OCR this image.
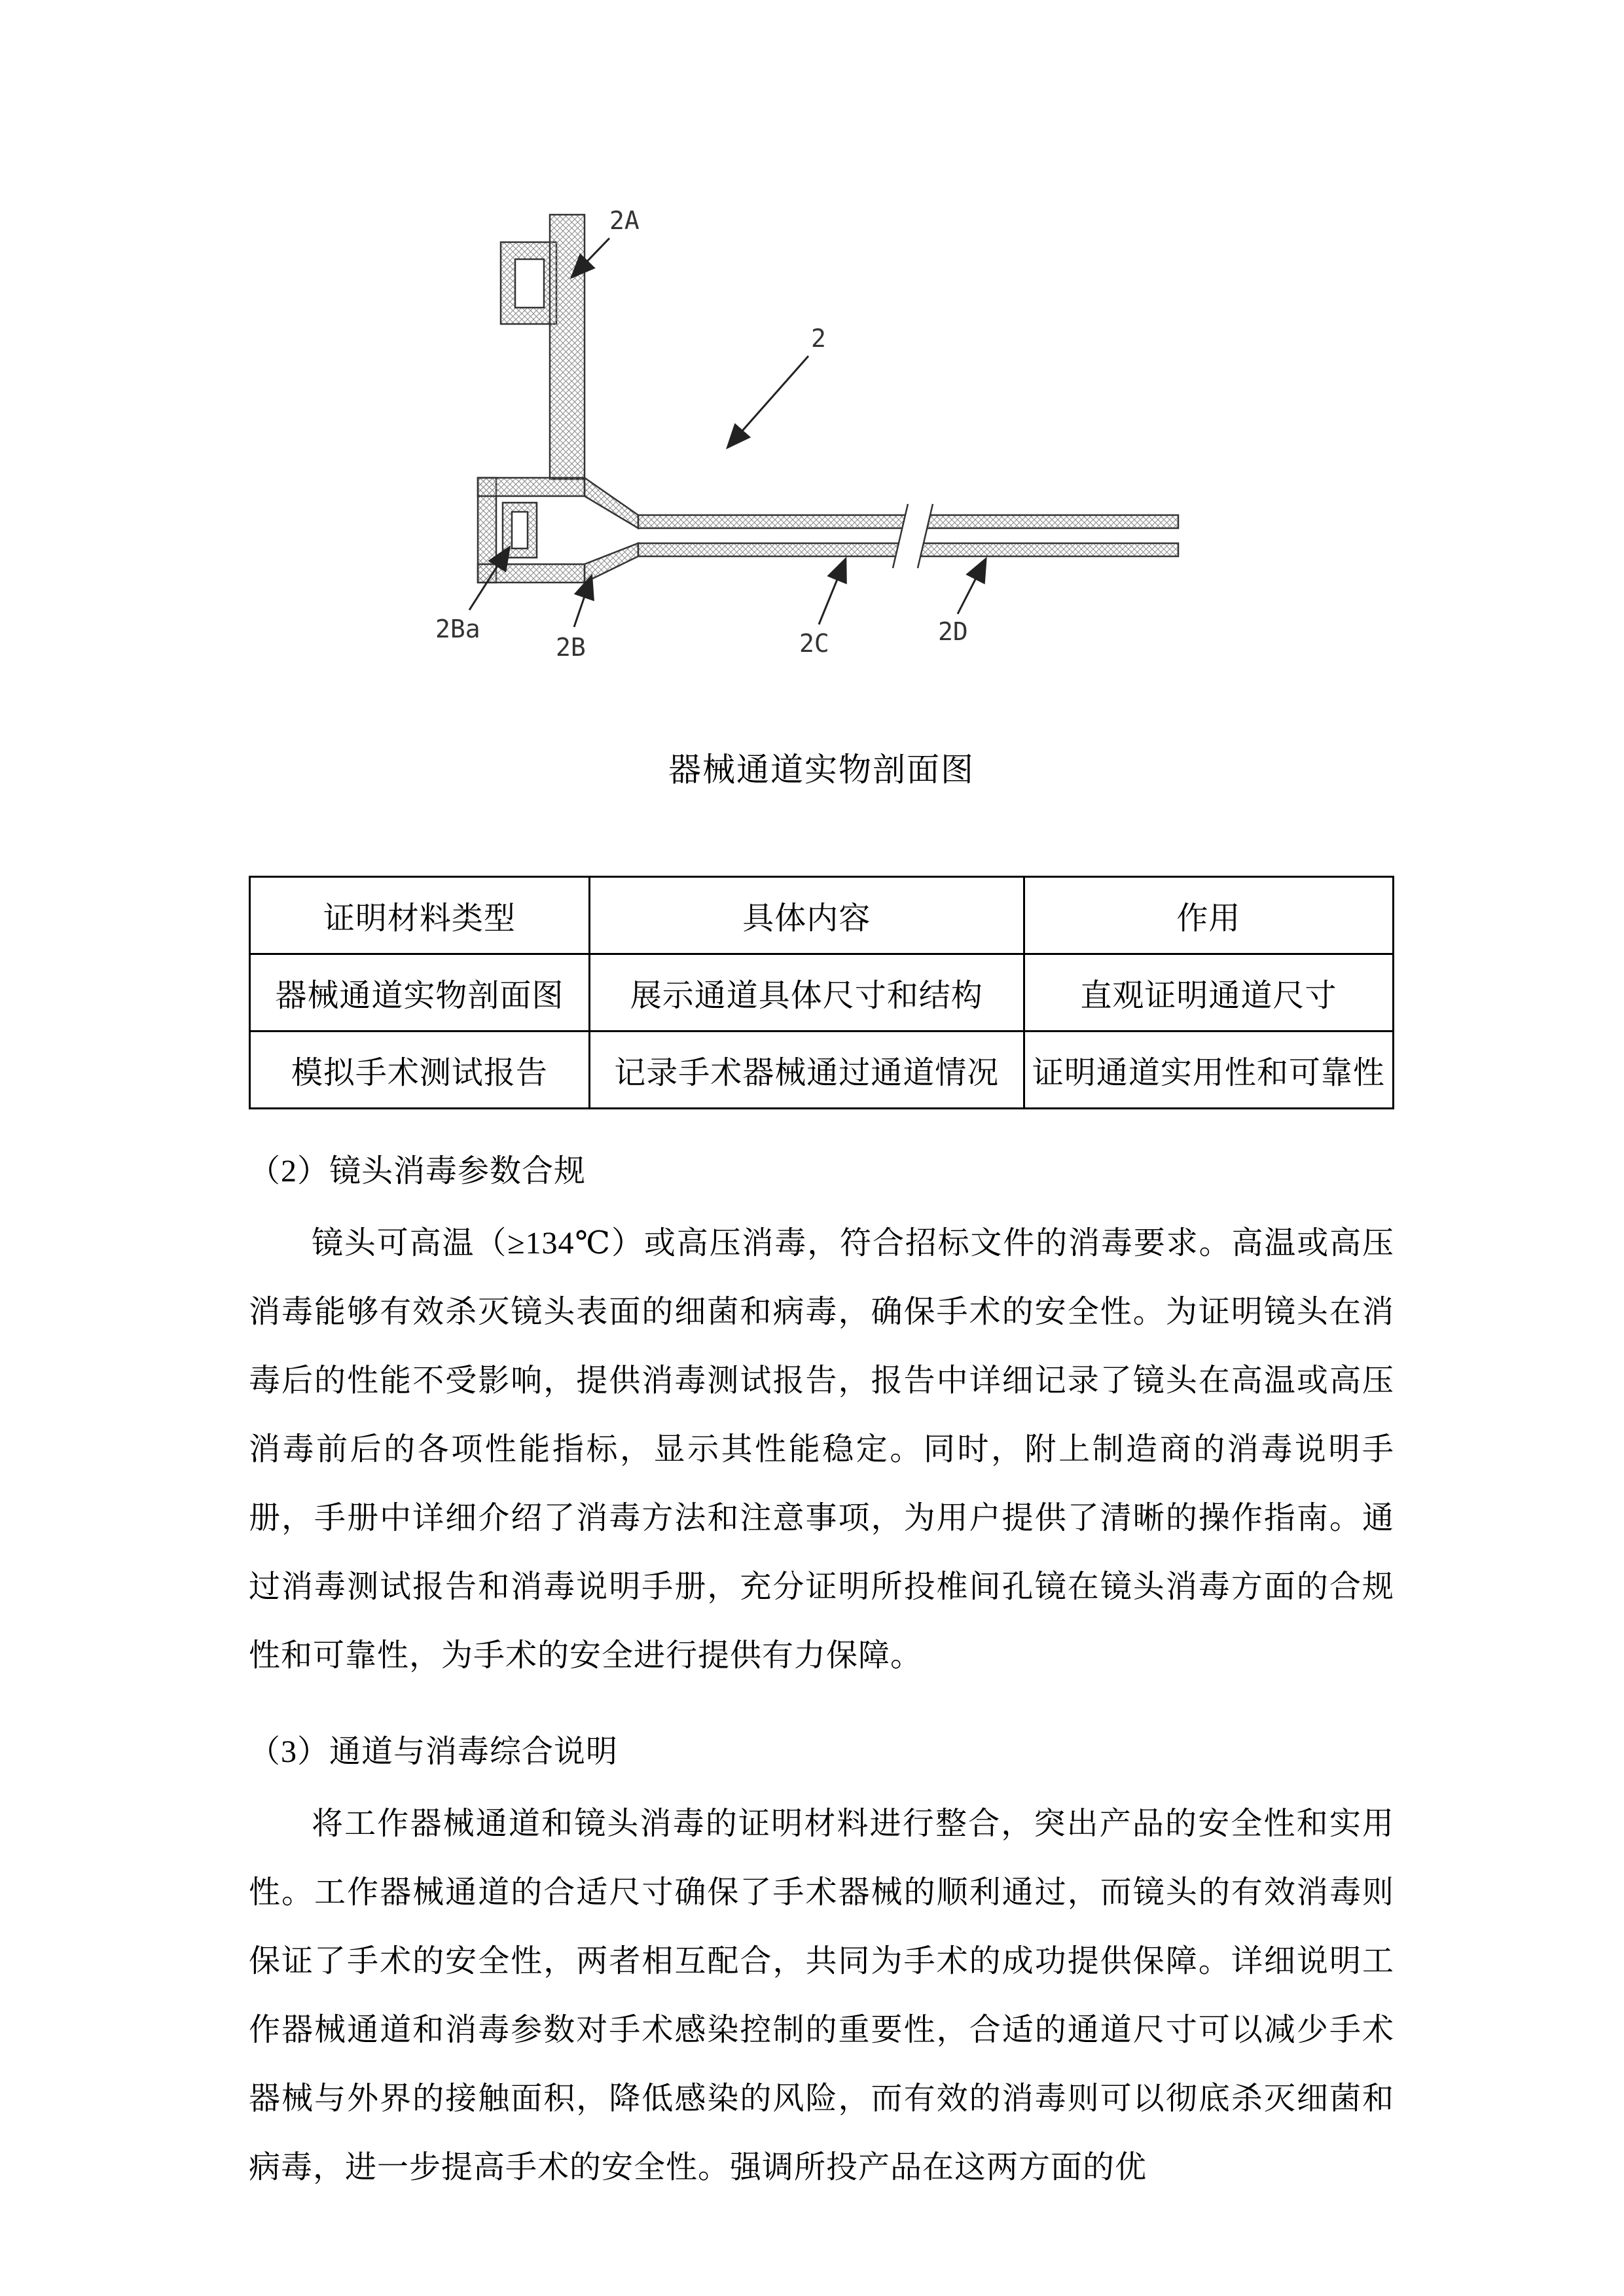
2A
2
2Ba
2B	2C	2D
器械通道实物剖面图
证明材料类型	具体内容	作用
器械通道实物剖面图	展示通道具体尺寸和结构	直观证明通道尺寸
模拟手术测试报告	记录手术器械通过通道情况	证明通道实用性和可靠性
（2）镜头消毒参数合规

镜头可高温（≥134℃）或高压消毒，符合招标文件的消毒要求。高温或高压消毒能够有效杀灭镜头表面的细菌和病毒，确保手术的安全性。为证明镜头在消毒后的性能不受影响，提供消毒测试报告，报告中详细记录了镜头在高温或高压消毒前后的各项性能指标，显示其性能稳定。同时，附上制造商的消毒说明手册，手册中详细介绍了消毒方法和注意事项，为用户提供了清晰的操作指南。通过消毒测试报告和消毒说明手册，充分证明所投椎间孔镜在镜头消毒方面的合规性和可靠性，为手术的安全进行提供有力保障。

（3）通道与消毒综合说明

将工作器械通道和镜头消毒的证明材料进行整合，突出产品的安全性和实用性。工作器械通道的合适尺寸确保了手术器械的顺利通过，而镜头的有效消毒则保证了手术的安全性，两者相互配合，共同为手术的成功提供保障。详细说明工作器械通道和消毒参数对手术感染控制的重要性，合适的通道尺寸可以减少手术器械与外界的接触面积，降低感染的风险，而有效的消毒则可以彻底杀灭细菌和病毒，进一步提高手术的安全性。强调所投产品在这两方面的优
